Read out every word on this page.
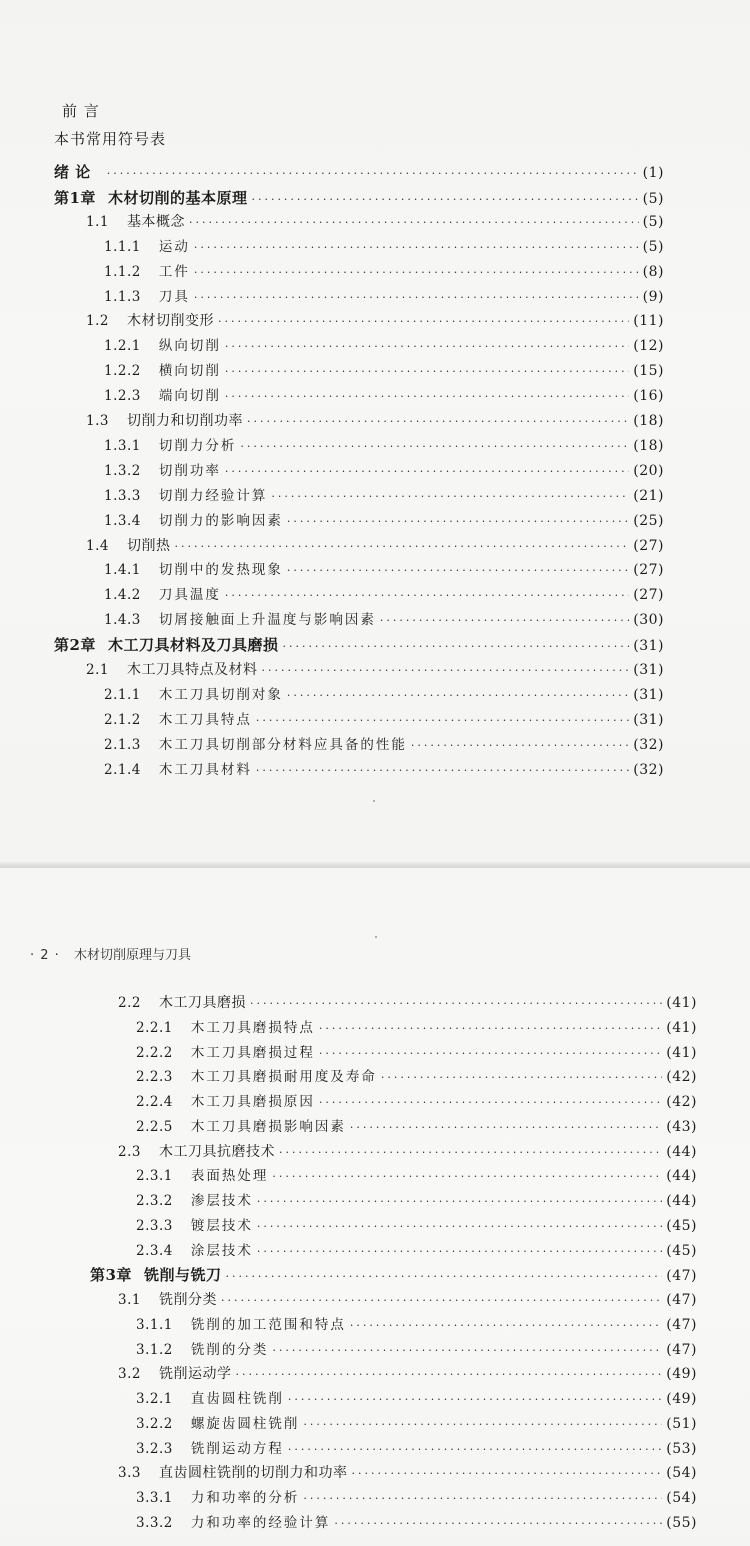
前 言
本书常用符号表
绪 论 ·····	(1)
第1章 木材切削的基本原理 ·····	(5)
1.1 基本概念 ·····	(5)
1.1.1 运动 ·····	(5)
1.1.2 工件 ·····	(8)
1.1.3 刀具 ·····	(9)
1.2 木材切削变形 ·····	(11)
1.2.1 纵向切削 ·····	(12)
1.2.2 横向切削 ·····	(15)
1.2.3 端向切削 ·····	(16)
1.3 切削力和切削功率 ·····	(18)
1.3.1 切削力分析 ·····	(18)
1.3.2 切削功率 ·····	(20)
1.3.3 切削力经验计算 ·····	(21)
1.3.4 切削力的影响因素 ·····	(25)
1.4 切削热 ·····	(27)
1.4.1 切削中的发热现象 ·····	(27)
1.4.2 刀具温度 ·····	(27)
1.4.3 切屑接触面上升温度与影响因素 ·····	(30)
第2章 木工刀具材料及刀具磨损 ·····	(31)
2.1 木工刀具特点及材料 ·····	(31)
2.1.1 木工刀具切削对象 ·····	(31)
2.1.2 木工刀具特点 ·····	(31)
2.1.3 木工刀具切削部分材料应具备的性能 ·····	(32)
2.1.4 木工刀具材料 ·····	(32)
2.2 木工刀具磨损 ·····	(41)
2.2.1 木工刀具磨损特点 ·····	(41)
2.2.2 木工刀具磨损过程 ·····	(41)
2.2.3 木工刀具磨损耐用度及寿命 ·····	(42)
2.2.4 木工刀具磨损原因 ·····	(42)
2.2.5 木工刀具磨损影响因素 ·····	(43)
2.3 木工刀具抗磨技术 ·····	(44)
2.3.1 表面热处理 ·····	(44)
2.3.2 渗层技术 ·····	(44)
2.3.3 镀层技术 ·····	(45)
2.3.4 涂层技术 ·····	(45)
第3章 铣削与铣刀 ·····	(47)
3.1 铣削分类 ·····	(47)
3.1.1 铣削的加工范围和特点 ·····	(47)
3.1.2 铣削的分类 ·····	(47)
3.2 铣削运动学 ·····	(49)
3.2.1 直齿圆柱铣削 ·····	(49)
3.2.2 螺旋齿圆柱铣削 ·····	(51)
3.2.3 铣削运动方程 ·····	(53)
3.3 直齿圆柱铣削的切削力和功率 ·····	(54)
3.3.1 力和功率的分析 ·····	(54)
3.3.2 力和功率的经验计算 ·····	(55)
· 2 · 木材切削原理与刀具
